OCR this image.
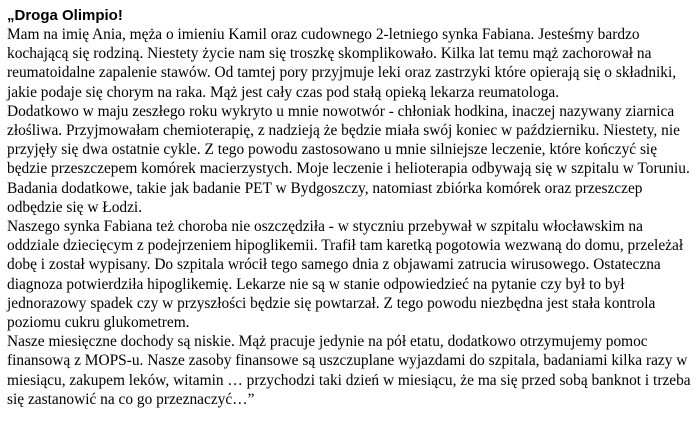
„Droga Olimpio!

Mam na imię Ania, męża o imieniu Kamil oraz cudownego 2-letniego synka Fabiana. Jesteśmy bardzo kochającą się rodziną. Niestety życie nam się troszkę skomplikowało. Kilka lat temu mąż zachorował na reumatoidalne zapalenie stawów. Od tamtej pory przyjmuje leki oraz zastrzyki które opierają się o składniki, jakie podaje się chorym na raka. Mąż jest cały czas pod stałą opieką lekarza reumatologa.

Dodatkowo w maju zeszłego roku wykryto u mnie nowotwór - chłoniak hodkina, inaczej nazywany ziarnica złośliwa. Przyjmowałam chemioterapię, z nadzieją że będzie miała swój koniec w październiku. Niestety, nie przyjęły się dwa ostatnie cykle. Z tego powodu zastosowano u mnie silniejsze leczenie, które kończyć się będzie przeszczepem komórek macierzystych. Moje leczenie i helioterapia odbywają się w szpitalu w Toruniu. Badania dodatkowe, takie jak badanie PET w Bydgoszczy, natomiast zbiórka komórek oraz przeszczep odbędzie się w Łodzi.

Naszego synka Fabiana też choroba nie oszczędziła - w styczniu przebywał w szpitalu włocławskim na oddziale dziecięcym z podejrzeniem hipoglikemii. Trafił tam karetką pogotowia wezwaną do domu, przeleżał dobę i został wypisany. Do szpitala wrócił tego samego dnia z objawami zatrucia wirusowego. Ostateczna diagnoza potwierdziła hipoglikemię. Lekarze nie są w stanie odpowiedzieć na pytanie czy był to był jednorazowy spadek czy w przyszłości będzie się powtarzał. Z tego powodu niezbędna jest stała kontrola poziomu cukru glukometrem.

Nasze miesięczne dochody są niskie. Mąż pracuje jedynie na pół etatu, dodatkowo otrzymujemy pomoc finansową z MOPS-u. Nasze zasoby finansowe są uszczuplane wyjazdami do szpitala, badaniami kilka razy w miesiącu, zakupem leków, witamin … przychodzi taki dzień w miesiącu, że ma się przed sobą banknot i trzeba się zastanowić na co go przeznaczyć…”
